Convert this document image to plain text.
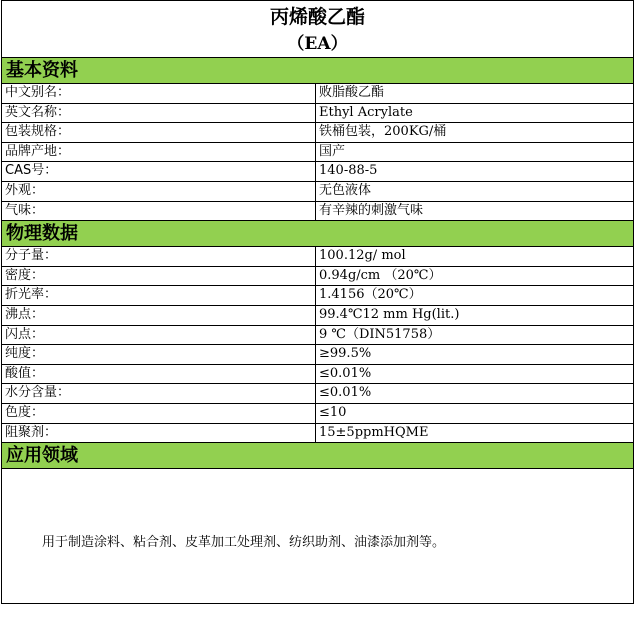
丙烯酸乙酯
（EA）
基本资料
中文别名：	败脂酸乙酯
英文名称：	Ethyl Acrylate
包装规格：	铁桶包装，200KG/桶
品牌产地：	国产
CAS号：	140-88-5
外观：	无色液体
气味：	有辛辣的刺激气味
物理数据
分子量：	100.12g/ mol
密度：	0.94g/cm （20℃）
折光率：	1.4156（20℃）
沸点：	99.4℃12 mm Hg(lit.)
闪点：	9 ℃（DIN51758）
纯度：	≥99.5%
酸值：	≤0.01%
水分含量：	≤0.01%
色度：	≤10
阻聚剂：	15±5ppmHQME
应用领域
用于制造涂料、粘合剂、皮革加工处理剂、纺织助剂、油漆添加剂等。
